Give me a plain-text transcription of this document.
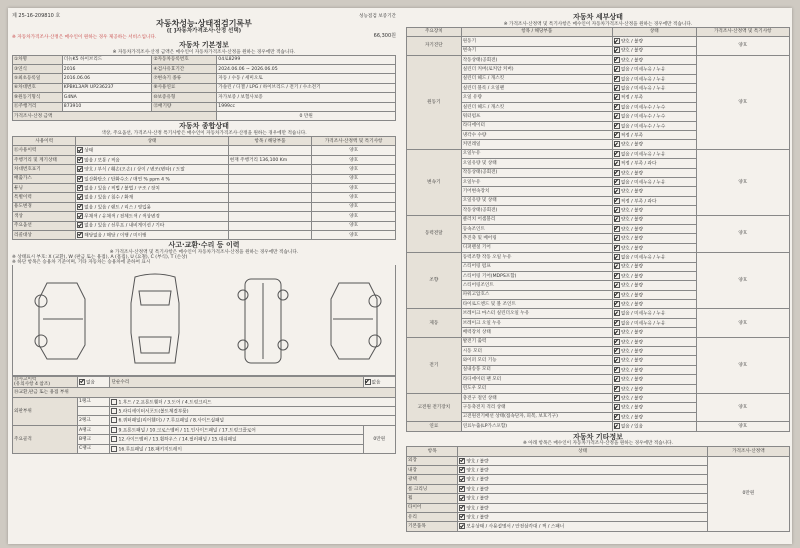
제 25-16-209810 호	성능점검 보증기간
자동차성능·상태점검기록부
([ ]자동차가격조사·산정 선택)
※ 자동차가격조사·산정은 매수인이 원하는 경우 제공하는 서비스입니다.	66,300원
자동차 기본정보
※ 자동차가격조사·산정 금액은 매수인이 자동차가격조사·산정을 원하는 경우에만 적습니다.
①차명	더뉴K5 하이브리드	②자동차등록번호	04로8299
③연식	2016	④검사유효기간	2024.06.06 ~ 2026.06.05
⑤최초등록일	2016.06.06	⑦변속기 종류	자동 / 수동 / 세미오토
⑥차대번호	KPBKL3API UP236237	⑧사용연료	가솔린 / 디젤 / LPG / 하이브리드 / 전기 / 수소전기
⑨원동기형식	G4NA	⑩보증유형	자가보증 / 보험사보증
⑪주행거리	873910	⑫배기량	1999cc
가격조사·산정 금액			0 만원
자동차 종합상태
색상, 주요옵션, 가격조사·산정 특기사항은 매수인이 자동차가격조사·산정을 원하는 경우에만 적습니다.
사용이력	상태	항목 / 해당부품	가격조사·산정액 및 특기사항
⑪사용이력	상태		양호
주행거리 및 계기상태	많음 / 보통 / 적음	현재 주행거리 136,100 Km	양호
차대번호표기	양호 / 부식 / 훼손(오손) / 상이 / 변조(변타) / 도말		양호
배출가스	일산화탄소 / 탄화수소 / 매연 % ppm 4 %		양호
튜닝	없음 / 있음 / 적법 / 불법 / 구조 / 장치		양호
특별이력	없음 / 있음 / 침수 / 화재		양호
용도변경	없음 / 있음 / 렌트 / 리스 / 영업용		양호
색상	무채색 / 유채색 / 전체도색 / 색상변경		양호
주요옵션	없음 / 있음 / 선루프 / 내비게이션 / 기타		양호
리콜대상	해당없음 / 해당 / 이행 / 미이행		양호
사고·교환·수리 등 이력
※ 가격조사·산정액 및 특기사항은 매수인이 자동차가격조사·산정을 원하는 경우에만 적습니다.
※ 상태표시 부호: X (교환), W (판금 또는 용접), A (흠집), U (요철), C (부식), T (손상)
※ 하단 항목은 승용차 기준이며, 기타 자동차는 승용차에 준하여 표시
⑬사고이력
(유의사항 4 참조)	없음	단순수리	없음
⑭교환,판금 또는 용접 부위			
외판부위	1랭크	1.후드 / 2.프론트휀더 / 3.도어 / 4.트렁크리드	
		5.라디에이터서포트(볼트체결부품)	
	2랭크	6.쿼터패널(리어휀더) / 7.루프패널 / 8.사이드실패널	
주요골격	A랭크	9.프론트패널 / 10.크로스멤버 / 11.인사이드패널 / 17.트렁크플로어	0만원
	B랭크	12.사이드멤버 / 13.휠하우스 / 14.필러패널 / 15.대쉬패널	
	C랭크	16.루프패널 / 18.패키지트레이	
자동차 세부상태
※ 가격조사·산정액 및 특기사항은 매수인이 자동차가격조사·산정을 원하는 경우에만 적습니다.
주요장치	항목 / 해당부품	상태	가격조사·산정액 및 특기사항
자기진단	원동기	양호 / 불량	양호
	변속기	양호 / 불량	
원동기	작동상태(공회전)	양호 / 불량	양호
	실린더 커버(로커암 커버)	없음 / 미세누유 / 누유	
	실린더 헤드 / 개스킷	없음 / 미세누유 / 누유	
	실린더 블록 / 오일팬	없음 / 미세누유 / 누유	
	오일 유량	적정 / 부족	
	실린더 헤드 / 개스킷	없음 / 미세누수 / 누수	
	워터펌프	없음 / 미세누수 / 누수	
	라디에이터	없음 / 미세누수 / 누수	
	냉각수 수량	적정 / 부족	
	커먼레일	양호 / 불량	
변속기	오일누유	없음 / 미세누유 / 누유	양호
	오일유량 및 상태	적정 / 부족 / 과다	
	작동상태(공회전)	양호 / 불량	
	오일누유	없음 / 미세누유 / 누유	
	기어변속장치	양호 / 불량	
	오일유량 및 상태	적정 / 부족 / 과다	
	작동상태(공회전)	양호 / 불량	
동력전달	클러치 어셈블리	양호 / 불량	양호
	등속조인트	양호 / 불량	
	추진축 및 베어링	양호 / 불량	
	디퍼렌셜 기어	양호 / 불량	
조향	동력조향 작동 오일 누유	없음 / 미세누유 / 누유	양호
	스티어링 펌프	양호 / 불량	
	스티어링 기어(MDPS포함)	양호 / 불량	
	스티어링조인트	양호 / 불량	
	파워고압호스	양호 / 불량	
	타이로드엔드 및 볼 조인트	양호 / 불량	
제동	브레이크 마스터 실린더오일 누유	없음 / 미세누유 / 누유	양호
	브레이크 오일 누유	없음 / 미세누유 / 누유	
	배력장치 상태	양호 / 불량	
전기	발전기 출력	양호 / 불량	양호
	시동 모터	양호 / 불량	
	와이퍼 모터 기능	양호 / 불량	
	실내송풍 모터	양호 / 불량	
	라디에이터 팬 모터	양호 / 불량	
	윈도우 모터	양호 / 불량	
고전원 전기장치	충전구 절연 상태	양호 / 불량	양호
	구동축전지 격리 상태	양호 / 불량	
	고전원전기배선 상태(접속단자, 피복, 보호기구)	양호 / 불량	
연료	연료누출(LP가스포함)	없음 / 있음	양호
자동차 기타정보
※ 아래 항목은 매수인이 자동차가격조사·산정을 원하는 경우에만 적습니다.
항목	상태	가격조사·산정액
외장	양호 / 불량	0만원
내장	양호 / 불량	
광택	양호 / 불량	
룸 크리닝	양호 / 불량	
휠	양호 / 불량	
타이어	양호 / 불량	
유리	양호 / 불량	
기본품목	보유상태 / 사용설명서 / 안전삼각대 / 잭 / 스패너	
